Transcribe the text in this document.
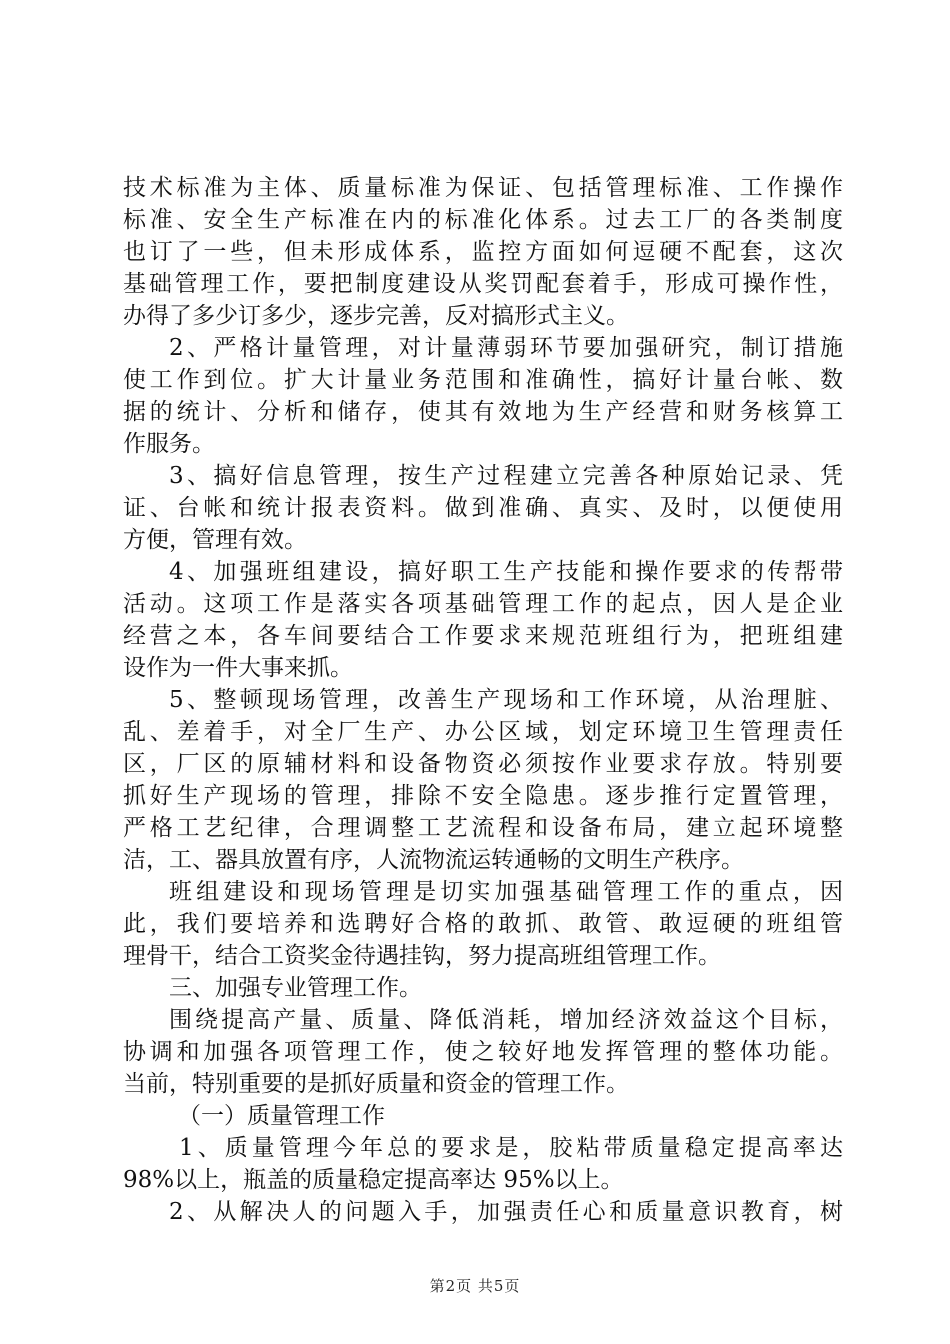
技术标准为主体、质量标准为保证、包括管理标准、工作操作
标准、安全生产标准在内的标准化体系。过去工厂的各类制度
也订了一些，但未形成体系，监控方面如何逗硬不配套，这次
基础管理工作，要把制度建设从奖罚配套着手，形成可操作性，
办得了多少订多少，逐步完善，反对搞形式主义。
2、严格计量管理，对计量薄弱环节要加强研究，制订措施
使工作到位。扩大计量业务范围和准确性，搞好计量台帐、数
据的统计、分析和储存，使其有效地为生产经营和财务核算工
作服务。
3、搞好信息管理，按生产过程建立完善各种原始记录、凭
证、台帐和统计报表资料。做到准确、真实、及时，以便使用
方便，管理有效。
4、加强班组建设，搞好职工生产技能和操作要求的传帮带
活动。这项工作是落实各项基础管理工作的起点，因人是企业
经营之本，各车间要结合工作要求来规范班组行为，把班组建
设作为一件大事来抓。
5、整顿现场管理，改善生产现场和工作环境，从治理脏、
乱、差着手，对全厂生产、办公区域，划定环境卫生管理责任
区，厂区的原辅材料和设备物资必须按作业要求存放。特别要
抓好生产现场的管理，排除不安全隐患。逐步推行定置管理，
严格工艺纪律，合理调整工艺流程和设备布局，建立起环境整
洁，工、器具放置有序，人流物流运转通畅的文明生产秩序。
班组建设和现场管理是切实加强基础管理工作的重点，因
此，我们要培养和选聘好合格的敢抓、敢管、敢逗硬的班组管
理骨干，结合工资奖金待遇挂钩，努力提高班组管理工作。
三、加强专业管理工作。
围绕提高产量、质量、降低消耗，增加经济效益这个目标，
协调和加强各项管理工作，使之较好地发挥管理的整体功能。
当前，特别重要的是抓好质量和资金的管理工作。
（一）质量管理工作
1、质量管理今年总的要求是，胶粘带质量稳定提高率达
98%以上，瓶盖的质量稳定提高率达 95%以上。
2、从解决人的问题入手，加强责任心和质量意识教育，树
第2页 共5页
